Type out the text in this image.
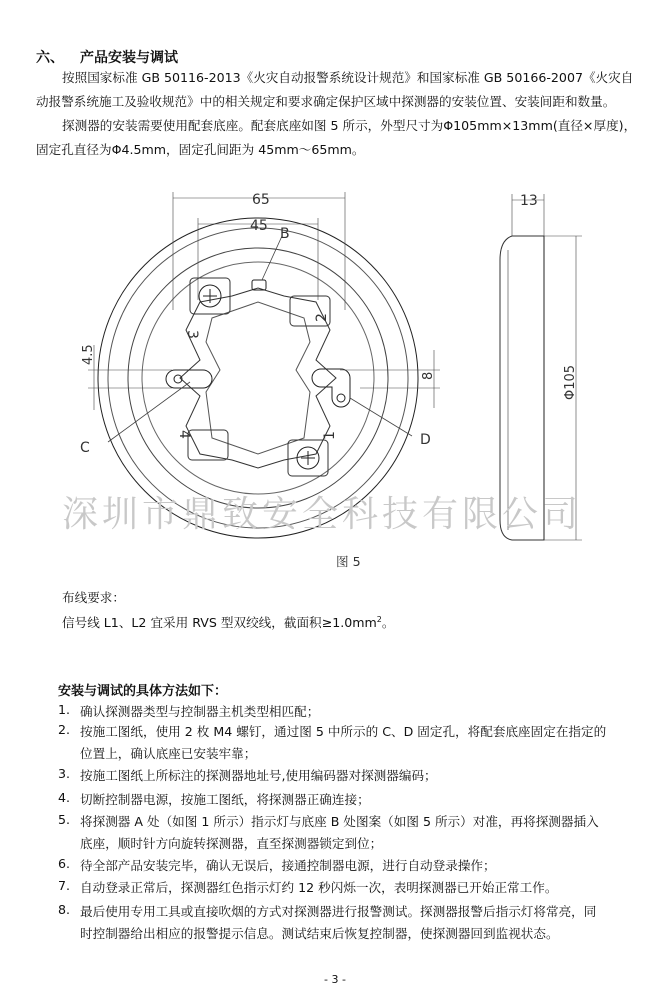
六、 产品安装与调试
按照国家标准 GB 50116-2013《火灾自动报警系统设计规范》和国家标准 GB 50166-2007《火灾自
动报警系统施工及验收规范》中的相关规定和要求确定保护区域中探测器的安装位置、安装间距和数量。
探测器的安装需要使用配套底座。配套底座如图 5 所示，外型尺寸为Φ105mm×13mm(直径×厚度)，
固定孔直径为Φ4.5mm，固定孔间距为 45mm～65mm。
65
45
4.5
8
13
Φ105
B
C	D
3
2
4	1
图 5
深圳市鼎致安全科技有限公司
布线要求：
信号线 L1、L2 宜采用 RVS 型双绞线，截面积$\ge 1.0mm^2$。
安装与调试的具体方法如下：
1. 确认探测器类型与控制器主机类型相匹配；
2. 按施工图纸，使用 2 枚 M4 螺钉，通过图 5 中所示的 C、D 固定孔，将配套底座固定在指定的
位置上，确认底座已安装牢靠；
3. 按施工图纸上所标注的探测器地址号,使用编码器对探测器编码；
4. 切断控制器电源，按施工图纸，将探测器正确连接；
5. 将探测器 A 处（如图 1 所示）指示灯与底座 B 处图案（如图 5 所示）对准，再将探测器插入
底座，顺时针方向旋转探测器，直至探测器锁定到位；
6. 待全部产品安装完毕，确认无误后，接通控制器电源，进行自动登录操作；
7. 自动登录正常后，探测器红色指示灯约 12 秒闪烁一次，表明探测器已开始正常工作。
8. 最后使用专用工具或直接吹烟的方式对探测器进行报警测试。探测器报警后指示灯将常亮，同
时控制器给出相应的报警提示信息。测试结束后恢复控制器，使探测器回到监视状态。
- 3 -
